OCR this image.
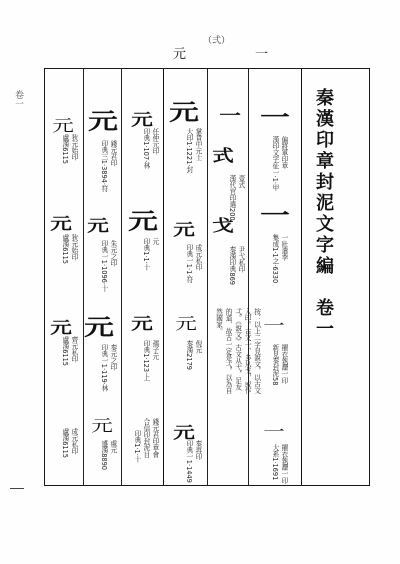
（弍）
卷一
一
元
秦漢印章封泥文字編　卷一
一
偏將軍印章
漢印文字征一·1·甲
一
一壯遣季
集成1·1之·6330
一
擢衣執灋一印
新見秦封泥58
一
擢衣執灋一印
大系1·1691
一
式
壹式
漢代官印選200
戈
尹弋私印
秦漢印典869
按：以上二字見說文，以古文入印。古文一、多从戈，或作弌。《說文》古文从弋，足友的道，故古一定是弌。以為自然國家。
元
掌貨中元士
大印1·1221·封
元
成元私印
印典一1·1·符
元
倪元
秦漢2179
元
秦再印
印典一1·1449
元
任仲元印
印典1·107·林
元
元
印典1·1·十
元
孺子元
印典1·123·上
錢元君印章會
合信印封泥目
印典1·1·十
元
錢元君印
印典三1·3894·符
元
朱元之印
印典一1·1096·十
元
秦元之印
印典一1·119·林
元
處元
盛漢8890
元
狄元始印
盧漢6115
元
狄元始印
盧漢6115
元
齊元私印
盧漢6115
成元私印
盧漢6115
